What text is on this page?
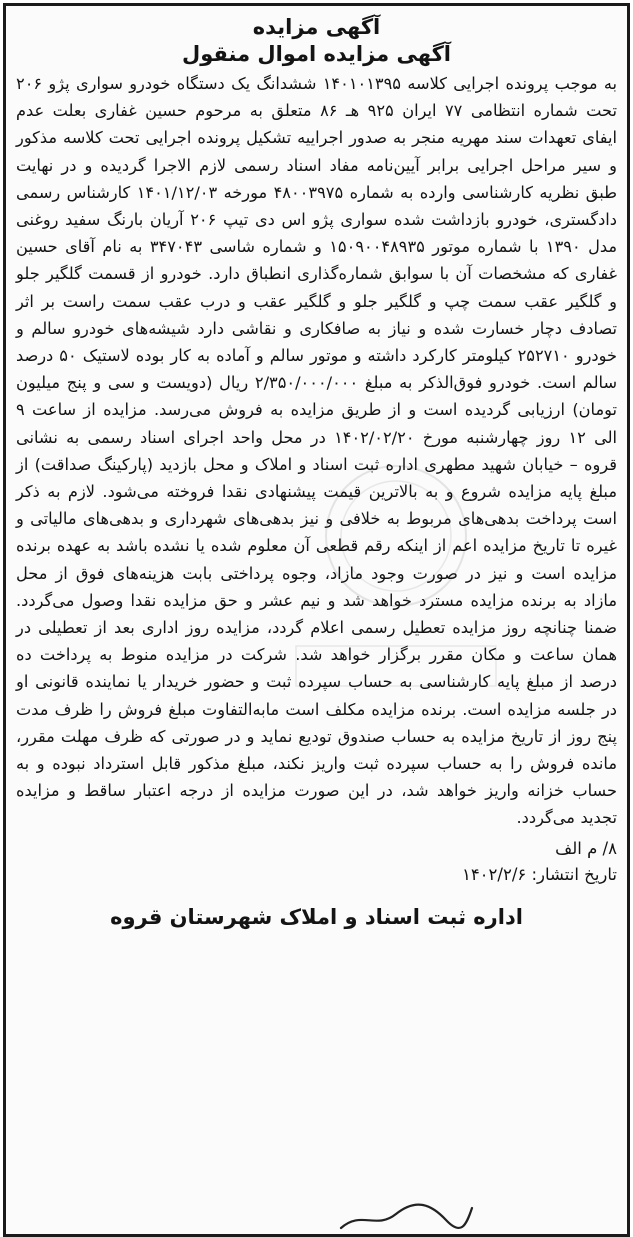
آگهی مزایده
آگهی مزایده اموال منقول

به موجب پرونده اجرایی کلاسه ۱۴۰۱۰۱۳۹۵ ششدانگ یک دستگاه خودرو سواری پژو ۲۰۶ تحت شماره انتظامی ۷۷ ایران ۹۲۵ هـ ۸۶ متعلق به مرحوم حسین غفاری بعلت عدم ایفای تعهدات سند مهریه منجر به صدور اجراییه تشکیل پرونده اجرایی تحت کلاسه مذکور و سیر مراحل اجرایی برابر آیین‌نامه مفاد اسناد رسمی لازم الاجرا گردیده و در نهایت طبق نظریه کارشناسی وارده به شماره ۴۸۰۰۳۹۷۵ مورخه ۱۴۰۱/۱۲/۰۳ کارشناس رسمی دادگستری، خودرو بازداشت شده سواری پژو اس دی تیپ ۲۰۶ آریان بارنگ سفید روغنی مدل ۱۳۹۰ با شماره موتور ۱۵۰۹۰۰۴۸۹۳۵ و شماره شاسی ۳۴۷۰۴۳ به نام آقای حسین غفاری که مشخصات آن با سوابق شماره‌گذاری انطباق دارد. خودرو از قسمت گلگیر جلو و گلگیر عقب سمت چپ و گلگیر جلو و گلگیر عقب و درب عقب سمت راست بر اثر تصادف دچار خسارت شده و نیاز به صافکاری و نقاشی دارد شیشه‌های خودرو سالم و خودرو ۲۵۲۷۱۰ کیلومتر کارکرد داشته و موتور سالم و آماده به کار بوده لاستیک ۵۰ درصد سالم است. خودرو فوق‌الذکر به مبلغ ۲/۳۵۰/۰۰۰/۰۰۰ ریال (دویست و سی و پنج میلیون تومان) ارزیابی گردیده است و از طریق مزایده به فروش می‌رسد. مزایده از ساعت ۹ الی ۱۲ روز چهارشنبه مورخ ۱۴۰۲/۰۲/۲۰ در محل واحد اجرای اسناد رسمی به نشانی قروه – خیابان شهید مطهری اداره ثبت اسناد و املاک و محل بازدید (پارکینگ صداقت) از مبلغ پایه مزایده شروع و به بالاترین قیمت پیشنهادی نقدا فروخته می‌شود. لازم به ذکر است پرداخت بدهی‌های مربوط به خلافی و نیز بدهی‌های شهرداری و بدهی‌های مالیاتی و غیره تا تاریخ مزایده اعم از اینکه رقم قطعی آن معلوم شده یا نشده باشد به عهده برنده مزایده است و نیز در صورت وجود مازاد، وجوه پرداختی بابت هزینه‌های فوق از محل مازاد به برنده مزایده مسترد خواهد شد و نیم عشر و حق مزایده نقدا وصول می‌گردد. ضمنا چنانچه روز مزایده تعطیل رسمی اعلام گردد، مزایده روز اداری بعد از تعطیلی در همان ساعت و مکان مقرر برگزار خواهد شد. شرکت در مزایده منوط به پرداخت ده درصد از مبلغ پایه کارشناسی به حساب سپرده ثبت و حضور خریدار یا نماینده قانونی او در جلسه مزایده است. برنده مزایده مکلف است مابه‌التفاوت مبلغ فروش را ظرف مدت پنج روز از تاریخ مزایده به حساب صندوق تودیع نماید و در صورتی که ظرف مهلت مقرر، مانده فروش را به حساب سپرده ثبت واریز نکند، مبلغ مذکور قابل استرداد نبوده و به حساب خزانه واریز خواهد شد، در این صورت مزایده از درجه اعتبار ساقط و مزایده تجدید می‌گردد.

۸/ م الف

تاریخ انتشار: ۱۴۰۲/۲/۶

اداره ثبت اسناد و املاک شهرستان قروه
